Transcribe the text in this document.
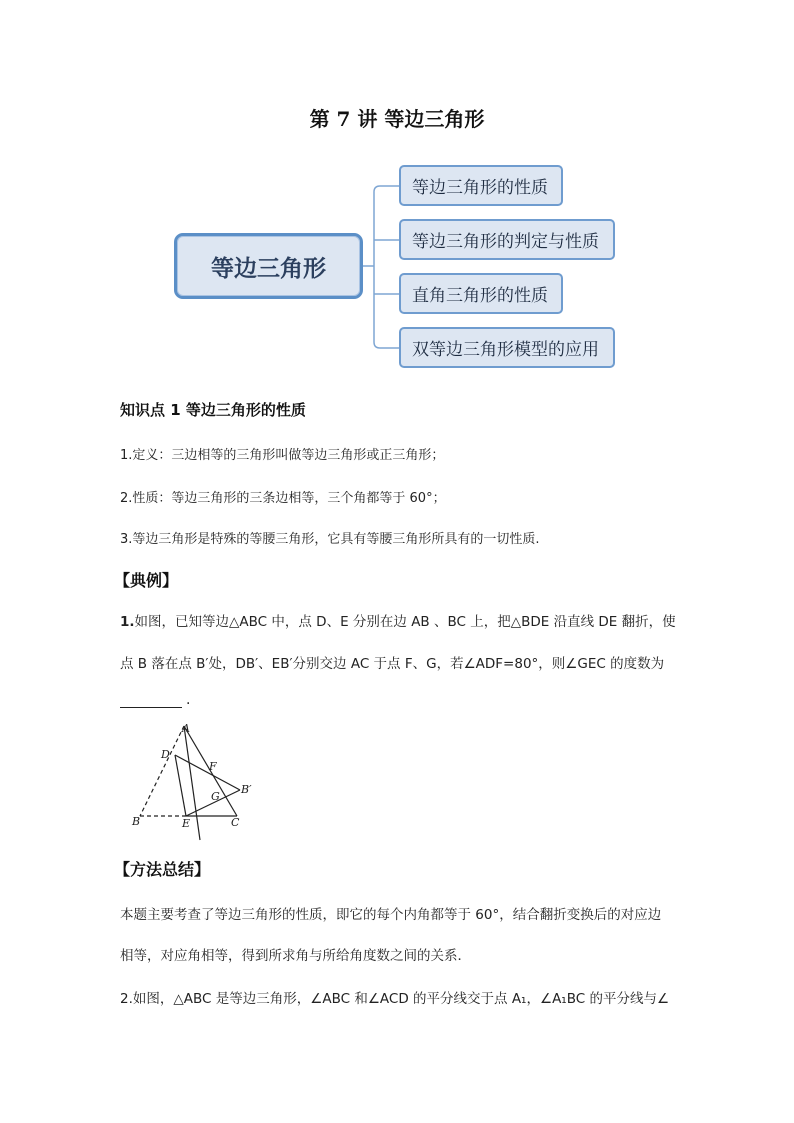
第 7 讲 等边三角形
等边三角形
等边三角形的性质
等边三角形的判定与性质
直角三角形的性质
双等边三角形模型的应用
知识点 1 等边三角形的性质
1.定义：三边相等的三角形叫做等边三角形或正三角形；
2.性质：等边三角形的三条边相等，三个角都等于 60°；
3.等边三角形是特殊的等腰三角形，它具有等腰三角形所具有的一切性质.
【典例】
1.如图，已知等边△ABC 中，点 D、E 分别在边 AB 、BC 上，把△BDE 沿直线 DE 翻折，使
点 B 落在点 B′处，DB′、EB′分别交边 AC 于点 F、G，若∠ADF=80°，则∠GEC 的度数为
.
A
D
F
G
B′
B	E	C
【方法总结】
本题主要考查了等边三角形的性质，即它的每个内角都等于 60°，结合翻折变换后的对应边
相等，对应角相等，得到所求角与所给角度数之间的关系．
2.如图，△ABC 是等边三角形，∠ABC 和∠ACD 的平分线交于点 A₁，∠A₁BC 的平分线与∠
